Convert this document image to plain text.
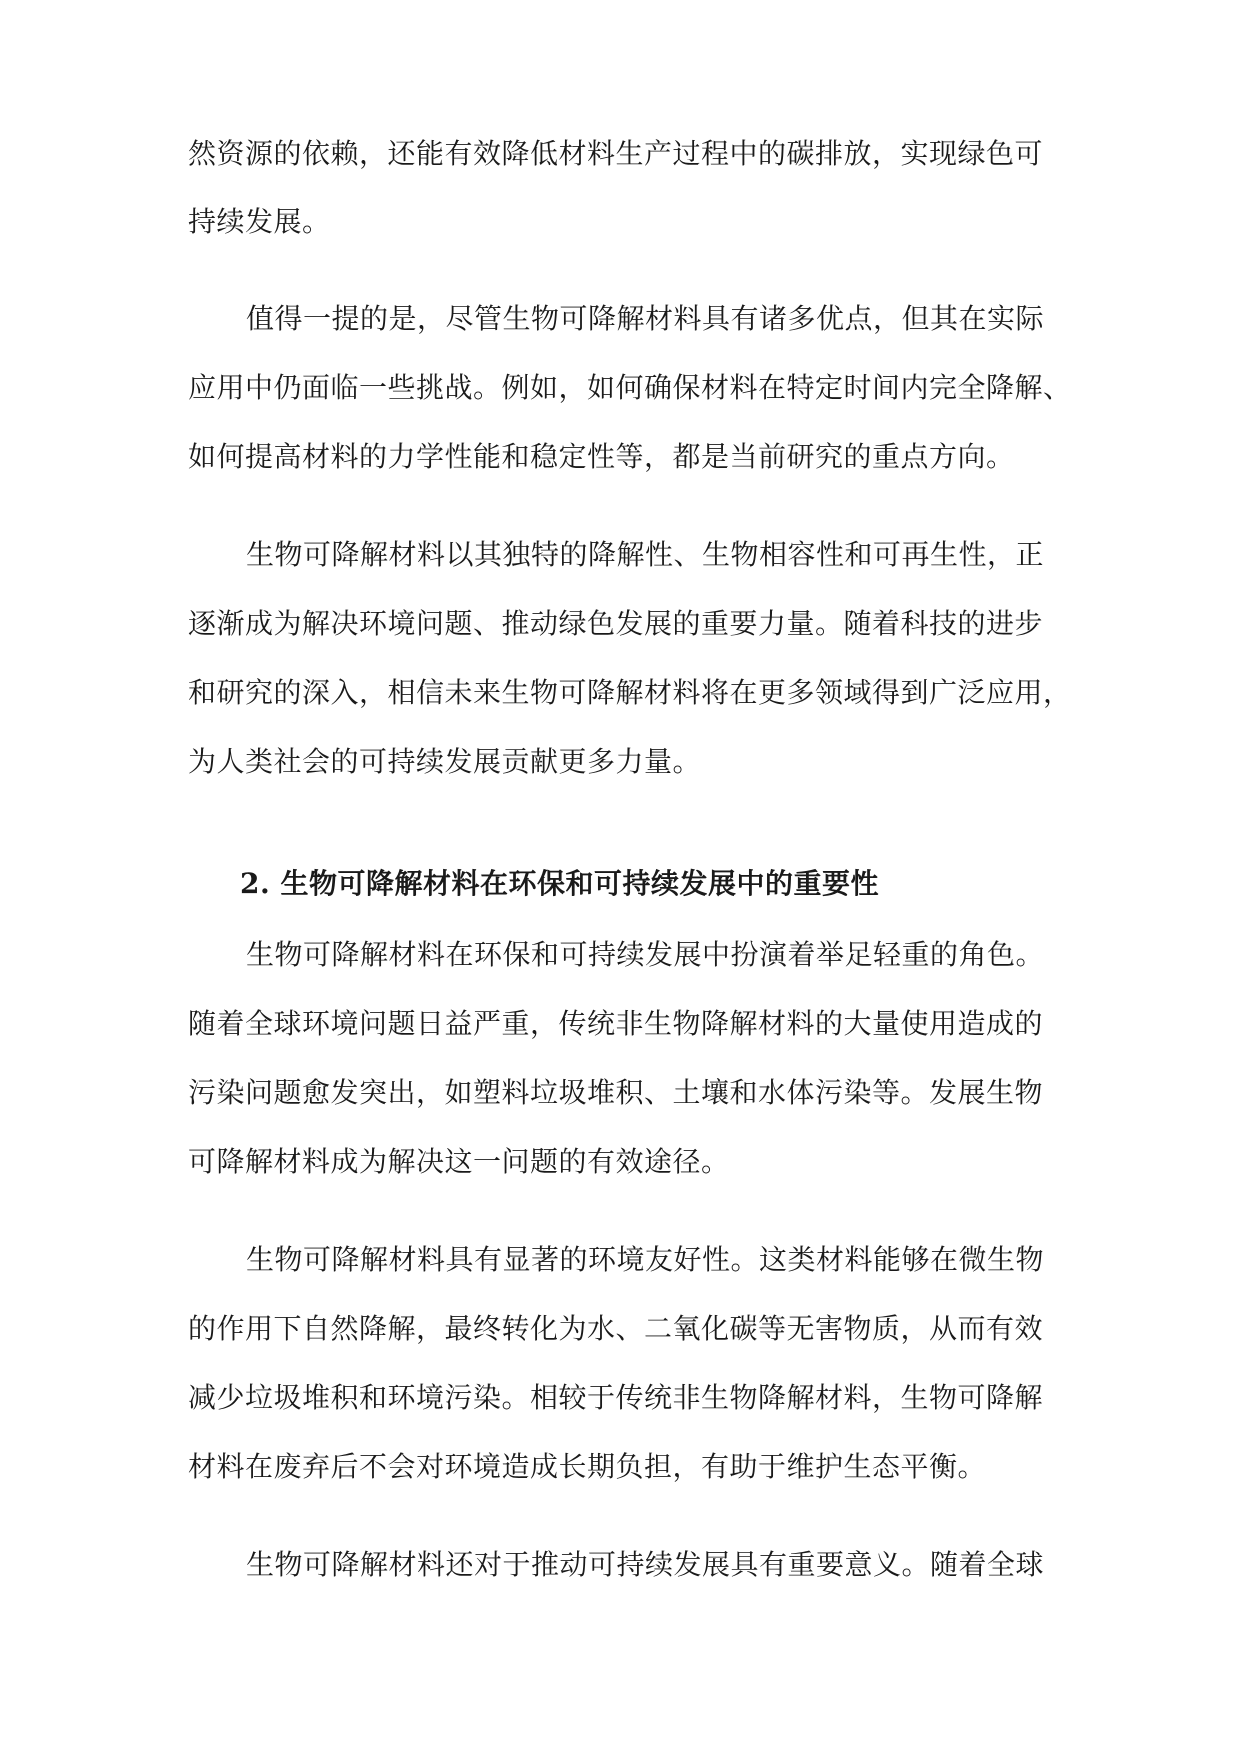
然资源的依赖，还能有效降低材料生产过程中的碳排放，实现绿色可
持续发展。
值得一提的是，尽管生物可降解材料具有诸多优点，但其在实际
应用中仍面临一些挑战。例如，如何确保材料在特定时间内完全降解、
如何提高材料的力学性能和稳定性等，都是当前研究的重点方向。
生物可降解材料以其独特的降解性、生物相容性和可再生性，正
逐渐成为解决环境问题、推动绿色发展的重要力量。随着科技的进步
和研究的深入，相信未来生物可降解材料将在更多领域得到广泛应用，
为人类社会的可持续发展贡献更多力量。
2. 生物可降解材料在环保和可持续发展中的重要性
生物可降解材料在环保和可持续发展中扮演着举足轻重的角色。
随着全球环境问题日益严重，传统非生物降解材料的大量使用造成的
污染问题愈发突出，如塑料垃圾堆积、土壤和水体污染等。发展生物
可降解材料成为解决这一问题的有效途径。
生物可降解材料具有显著的环境友好性。这类材料能够在微生物
的作用下自然降解，最终转化为水、二氧化碳等无害物质，从而有效
减少垃圾堆积和环境污染。相较于传统非生物降解材料，生物可降解
材料在废弃后不会对环境造成长期负担，有助于维护生态平衡。
生物可降解材料还对于推动可持续发展具有重要意义。随着全球
